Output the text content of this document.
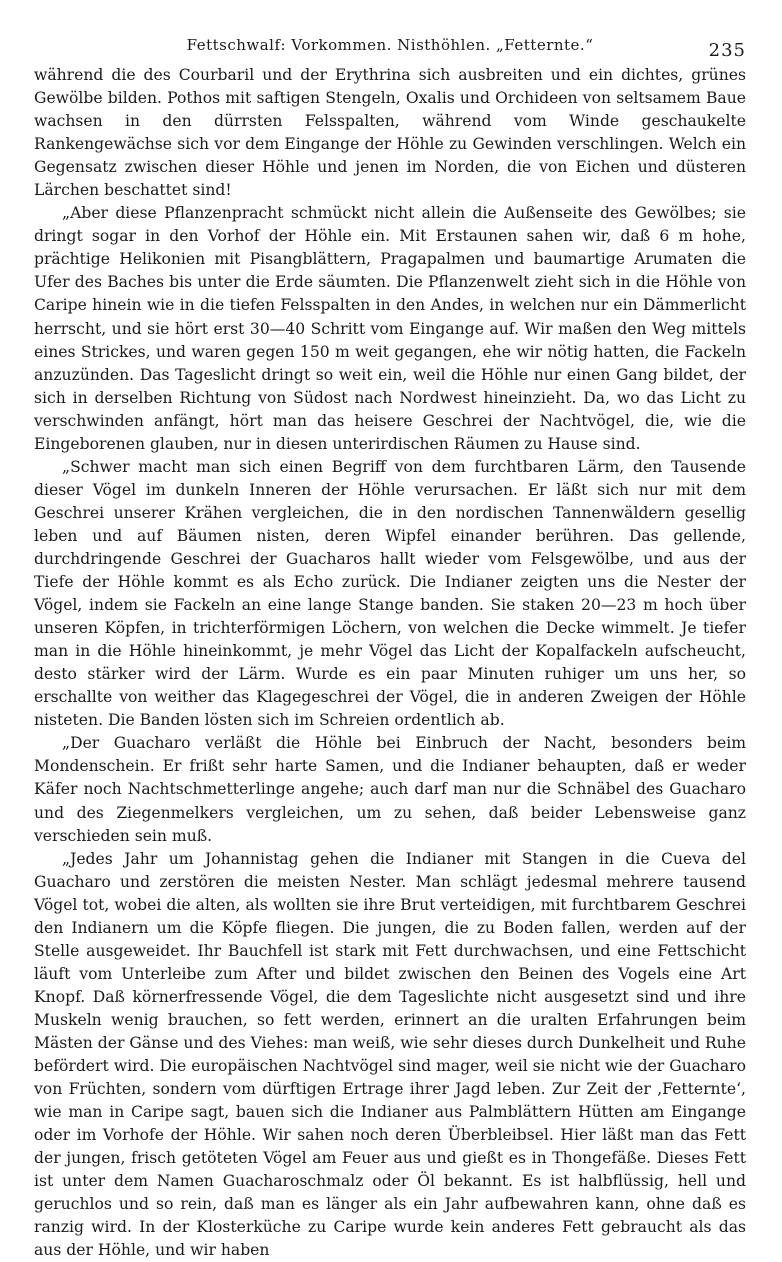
Fettschwalf: Vorkommen. Nisthöhlen. „Fetternte.“	235

während die des Courbaril und der Erythrina sich ausbreiten und ein dichtes, grünes Gewölbe bilden. Pothos mit saftigen Stengeln, Oxalis und Orchideen von seltsamem Baue wachsen in den dürrsten Felsspalten, während vom Winde geschaukelte Rankengewächse sich vor dem Eingange der Höhle zu Gewinden verschlingen. Welch ein Gegensatz zwischen dieser Höhle und jenen im Norden, die von Eichen und düsteren Lärchen beschattet sind!

„Aber diese Pflanzenpracht schmückt nicht allein die Außenseite des Gewölbes; sie dringt sogar in den Vorhof der Höhle ein. Mit Erstaunen sahen wir, daß 6 m hohe, prächtige Helikonien mit Pisangblättern, Pragapalmen und baumartige Arumaten die Ufer des Baches bis unter die Erde säumten. Die Pflanzenwelt zieht sich in die Höhle von Caripe hinein wie in die tiefen Felsspalten in den Andes, in welchen nur ein Dämmerlicht herrscht, und sie hört erst 30—40 Schritt vom Eingange auf. Wir maßen den Weg mittels eines Strickes, und waren gegen 150 m weit gegangen, ehe wir nötig hatten, die Fackeln anzuzünden. Das Tageslicht dringt so weit ein, weil die Höhle nur einen Gang bildet, der sich in derselben Richtung von Südost nach Nordwest hineinzieht. Da, wo das Licht zu verschwinden anfängt, hört man das heisere Geschrei der Nachtvögel, die, wie die Eingeborenen glauben, nur in diesen unterirdischen Räumen zu Hause sind.

„Schwer macht man sich einen Begriff von dem furchtbaren Lärm, den Tausende dieser Vögel im dunkeln Inneren der Höhle verursachen. Er läßt sich nur mit dem Geschrei unserer Krähen vergleichen, die in den nordischen Tannenwäldern gesellig leben und auf Bäumen nisten, deren Wipfel einander berühren. Das gellende, durchdringende Geschrei der Guacharos hallt wieder vom Felsgewölbe, und aus der Tiefe der Höhle kommt es als Echo zurück. Die Indianer zeigten uns die Nester der Vögel, indem sie Fackeln an eine lange Stange banden. Sie staken 20—23 m hoch über unseren Köpfen, in trichterförmigen Löchern, von welchen die Decke wimmelt. Je tiefer man in die Höhle hineinkommt, je mehr Vögel das Licht der Kopalfackeln aufscheucht, desto stärker wird der Lärm. Wurde es ein paar Minuten ruhiger um uns her, so erschallte von weither das Klagegeschrei der Vögel, die in anderen Zweigen der Höhle nisteten. Die Banden lösten sich im Schreien ordentlich ab.

„Der Guacharo verläßt die Höhle bei Einbruch der Nacht, besonders beim Mondenschein. Er frißt sehr harte Samen, und die Indianer behaupten, daß er weder Käfer noch Nachtschmetterlinge angehe; auch darf man nur die Schnäbel des Guacharo und des Ziegenmelkers vergleichen, um zu sehen, daß beider Lebensweise ganz verschieden sein muß.

„Jedes Jahr um Johannistag gehen die Indianer mit Stangen in die Cueva del Guacharo und zerstören die meisten Nester. Man schlägt jedesmal mehrere tausend Vögel tot, wobei die alten, als wollten sie ihre Brut verteidigen, mit furchtbarem Geschrei den Indianern um die Köpfe fliegen. Die jungen, die zu Boden fallen, werden auf der Stelle ausgeweidet. Ihr Bauchfell ist stark mit Fett durchwachsen, und eine Fettschicht läuft vom Unterleibe zum After und bildet zwischen den Beinen des Vogels eine Art Knopf. Daß körnerfressende Vögel, die dem Tageslichte nicht ausgesetzt sind und ihre Muskeln wenig brauchen, so fett werden, erinnert an die uralten Erfahrungen beim Mästen der Gänse und des Viehes: man weiß, wie sehr dieses durch Dunkelheit und Ruhe befördert wird. Die europäischen Nachtvögel sind mager, weil sie nicht wie der Guacharo von Früchten, sondern vom dürftigen Ertrage ihrer Jagd leben. Zur Zeit der ‚Fetternte‘, wie man in Caripe sagt, bauen sich die Indianer aus Palmblättern Hütten am Eingange oder im Vorhofe der Höhle. Wir sahen noch deren Überbleibsel. Hier läßt man das Fett der jungen, frisch getöteten Vögel am Feuer aus und gießt es in Thongefäße. Dieses Fett ist unter dem Namen Guacharoschmalz oder Öl bekannt. Es ist halbflüssig, hell und geruchlos und so rein, daß man es länger als ein Jahr aufbewahren kann, ohne daß es ranzig wird. In der Klosterküche zu Caripe wurde kein anderes Fett gebraucht als das aus der Höhle, und wir haben
